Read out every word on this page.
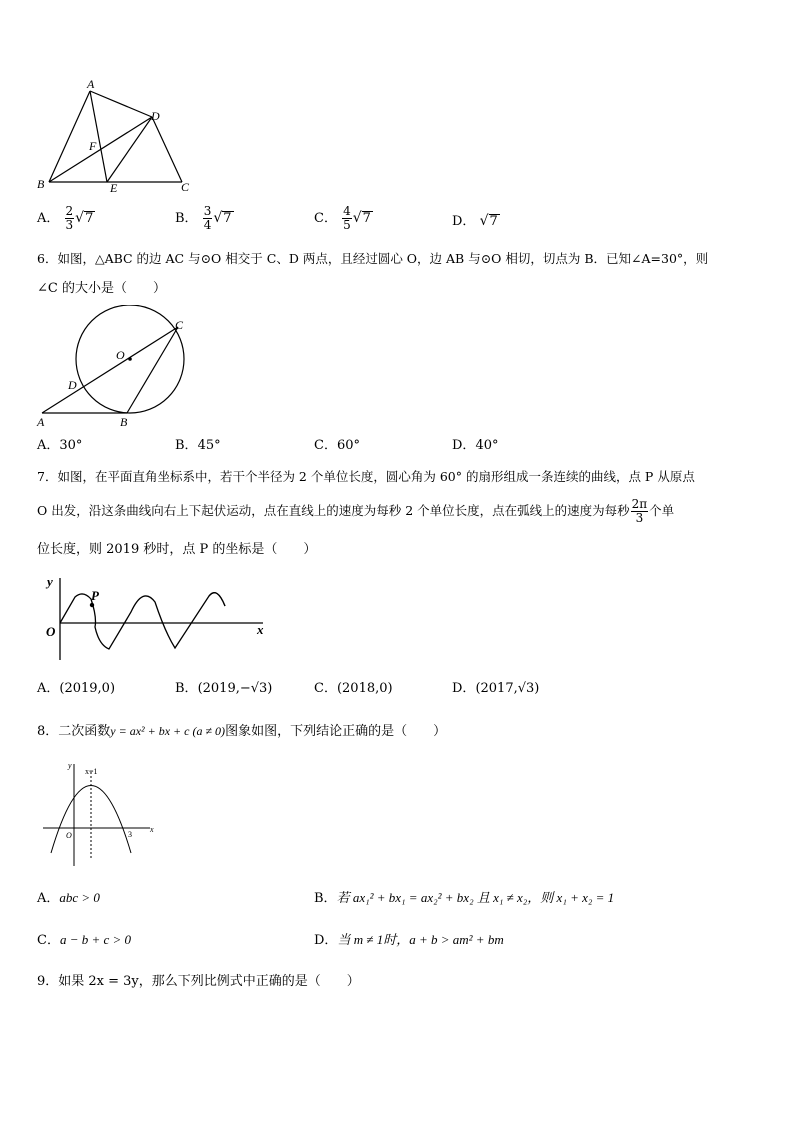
A
D
F
B	E	C
A． $\frac{2}{3} √7$	B． $\frac{3}{4} √7$	C． $\frac{4}{5} √7$	D． √7
6．如图，△ABC 的边 AC 与⊙O 相交于 C、D 两点，且经过圆心 O，边 AB 与⊙O 相切，切点为 B．已知∠A=30°，则
∠C 的大小是（　　）
C
O
D
A	B
A．30°	B．45°	C．60°	D．40°
7．如图，在平面直角坐标系中，若干个半径为 2 个单位长度，圆心角为 60° 的扇形组成一条连续的曲线，点 P 从原点
O 出发，沿这条曲线向右上下起伏运动，点在直线上的速度为每秒 2 个单位长度，点在弧线上的速度为每秒 $\frac{2\pi}{3}$ 个单
位长度，则 2019 秒时，点 P 的坐标是（　　）
y
P
O	x
A．(2019,0)	B．(2019,−√3)	C．(2018,0)	D．(2017,√3)
8．二次函数y = ax² + bx + c (a ≠ 0)图象如图，下列结论正确的是（　　）
y
x=1
O	3
x
A．abc > 0	B．若 ax₁² + bx₁ = ax₂² + bx₂ 且 x₁ ≠ x₂，则 x₁ + x₂ = 1
C．a − b + c > 0	D．当 m ≠ 1时，a + b > am² + bm
9．如果 2x = 3y，那么下列比例式中正确的是（　　）
